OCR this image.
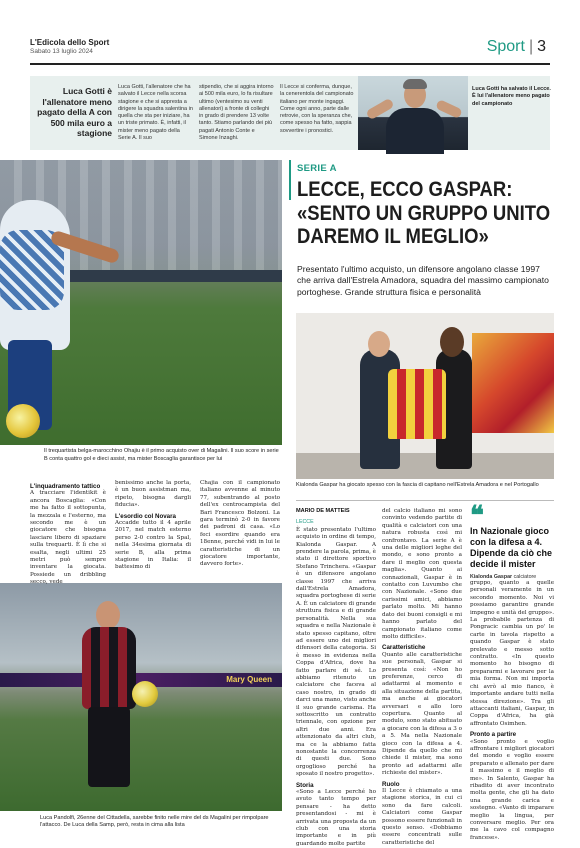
L'Edicola dello Sport
Sabato 13 luglio 2024	Sport | 3
Luca Gotti è l'allenatore meno pagato della A con 500 mila euro a stagione
Luca Gotti, l'allenatore che ha salvato il Lecce nella scorsa stagione e che si appresta a dirigere la squadra salentina in quella che sta per iniziare, ha un triste primato. È, infatti, il mister meno pagato della Serie A. Il suo
stipendio, che si aggira intorno ai 500 mila euro, lo fa risultare ultimo (ventesimo su venti allenatori) a fronte di colleghi in grado di prendere 13 volte tanto. Stiamo parlando dei più pagati Antonio Conte e Simone Inzaghi.
Il Lecce si conferma, dunque, la cenerentola del campionato italiano per monte ingaggi. Come ogni anno, parte dalle retrovie, con la speranza che, come spesso ha fatto, sappia sovvertire i pronostici.
Luca Gotti ha salvato il Lecce. È lui l'allenatore meno pagato del campionato
Il trequartista belga-marocchino Ohajiu è il primo acquisto over di Magalini. Il suo score in serie B conta quattro gol e dieci assist, ma mister Boscaglia garantisce per lui
Mary Queen
Luca Pandolfi, 26enne del Cittadella, sarebbe finito nelle mire del ds Magalini per rimpolpare l'attacco. De Luca della Samp, però, resta in cima alla lista
SERIE A
LECCE, ECCO GASPAR:
«SENTO UN GRUPPO UNITO
DAREMO IL MEGLIO»
Presentato l'ultimo acquisto, un difensore angolano classe 1997 che arriva dall'Estrela Amadora, squadra del massimo campionato portoghese. Grande struttura fisica e personalità
Kialonda Gaspar ha giocato spesso con la fascia di capitano nell'Estrela Amadora e nel Portogallo
L'inquadramento tattico

A tracciare l'identikit è ancora Boscaglia: «Con me ha fatto il sottopunta, la mezzala e l'esterno, ma secondo me è un giocatore che bisogna lasciare libero di spaziare sulla trequarti. È lì che si esalta, negli ultimi 25 metri può sempre inventare la giocata. Possiede un dribbling secco, vede

benissimo anche la porta, è un buon assistman ma, ripeto, bisogna dargli fiducia».

L'esordio col Novara

Accadde tutto il 4 aprile 2017, nel match esterno perso 2-0 contro la Spal, nella 34esima giornata di serie B, alla prima stagione in Italia: il battesimo di

Chajia con il campionato italiano avvenne al minuto 77, subentrando al posto dell'ex centrocampista del Bari Francesco Bolzoni. La gara terminò 2-0 in favore dei padroni di casa. «Lo feci esordire quando era 18enne, perché vidi in lui le caratteristiche di un giocatore importante, davvero forte».

MARIO DE MATTEIS
LECCE

È stato presentato l'ultimo acquisto in ordine di tempo, Kialonda Gaspar. A prendere la parola, prima, è stato il direttore sportivo Stefano Trinchera. «Gaspar è un difensore angolano classe 1997 che arriva dall'Estrela Amadora, squadra portoghese di serie A. È un calciatore di grande struttura fisica e di grande personalità. Nella sua squadra e nella Nazionale è stato spesso capitano, oltre ad essere uno dei migliori difensori della categoria. Si è messo in evidenza nella Coppa d'Africa, dove ha fatto parlare di sé. Lo abbiamo ritenuto un calciatore che faceva al caso nostro, in grado di darci una mano, visto anche il suo grande carisma. Ha sottoscritto un contratto triennale, con opzione per altri due anni. Era attenzionato da altri club, ma ce la abbiamo fatta nonostante la concorrenza di questi due. Sono orgoglioso perché ha sposato il nostro progetto».

Storia

«Sono a Lecce perché ho avuto tanto tempo per pensare - ha detto presentandosi - mi è arrivata una proposta da un club con una storia importante e in più guardando molte partite

del calcio italiano mi sono convinto vedendo partite di qualità e calciatori con una natura robusta così mi confrontavo. La serie A è una delle migliori leghe del mondo, e sono pronto a dare il meglio con questa maglia». Quanto ai connazionali, Gaspar è in contatto con Luvumbo che con Nazionale. «Sono due carissimi amici, abbiamo parlato molto. Mi hanno dato dei buoni consigli e mi hanno parlato del campionato italiano come molto difficile».

Caratteristiche

Quanto alle caratteristiche sue personali, Gaspar si presenta così: «Non ho preferenze, cerco di adattarmi al momento e alla situazione della partita, ma anche ai giocatori avversari e allo loro copertura. Quanto al modulo, sono stato abituato a giocare con la difesa a 3 o a 5. Ma nella Nazionale gioco con la difesa a 4. Dipende da quello che mi chiede il mister, ma sono pronto ad adattarmi alle richieste del mister».

Ruolo

Il Lecce è chiamato a una stagione storica, in cui ci sono da fare calcoli. Calciatori come Gaspar possono essere funzionali in questo senso. «Dobbiamo essere concentrati sulle caratteristiche del

❝
In Nazionale gioco con la difesa a 4. Dipende da ciò che decide il mister
Kialonda Gaspar calciatore

gruppo, quanto a quelle personali veramente in un secondo momento. Noi vi possiamo garantire grande impegno e unità del gruppo». La probabile partenza di Pongracic cambia un po' le carte in tavola rispetto a quando Gaspar è stato prelevato e messo sotto contratto. «In questo momento ho bisogno di prepararmi e lavorare per la mia forma. Non mi importa chi avrò al mio fianco, è importante andare tutti nella stessa direzione». Tra gli attaccanti italiani, Gaspar, in Coppa d'Africa, ha già affrontato Osimhen.

Pronto a partire

«Sono pronto e voglio affrontare i migliori giocatori del mondo e voglio essere preparato e allenato per dare il massimo e il meglio di me». In Salento, Gaspar ha ribadito di aver incontrato molta gente, che gli ha dato una grande carica e sostegno. «Vanto di imparare meglio la lingua, per conversare meglio. Per ora me la cavo col compagno francese».
